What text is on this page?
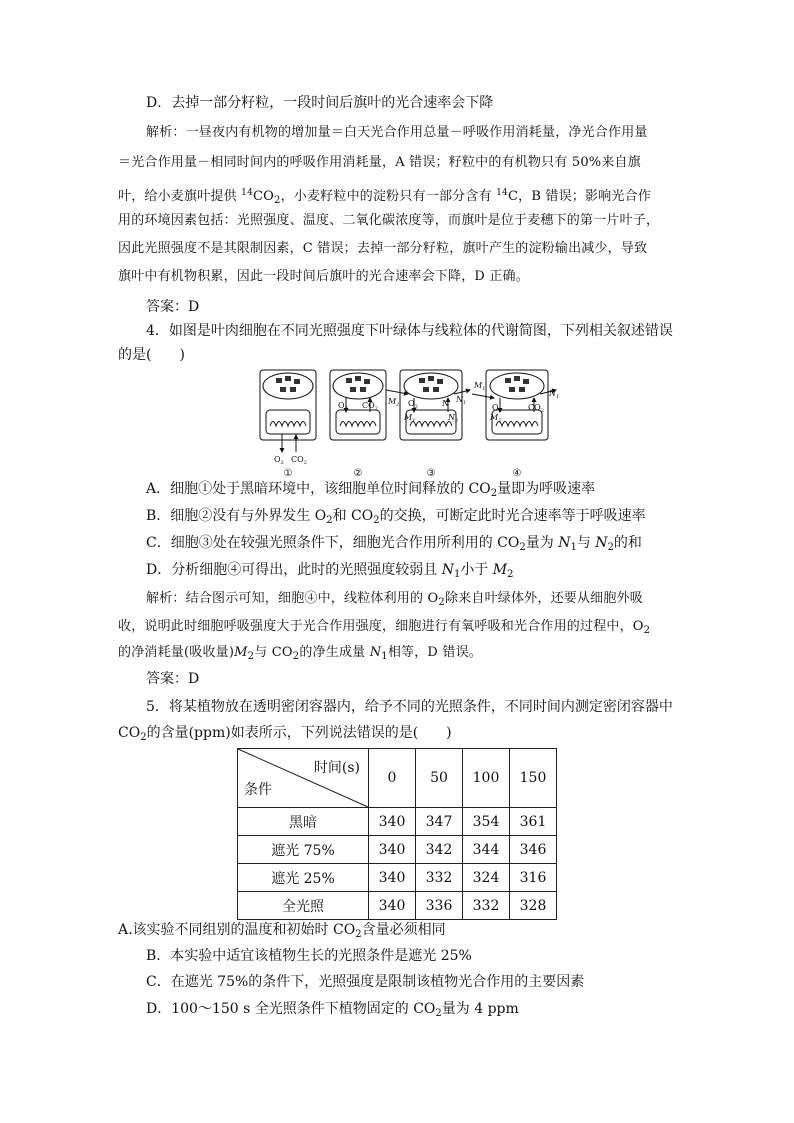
D．去掉一部分籽粒，一段时间后旗叶的光合速率会下降
解析：一昼夜内有机物的增加量＝白天光合作用总量－呼吸作用消耗量，净光合作用量
＝光合作用量－相同时间内的呼吸作用消耗量，A 错误；籽粒中的有机物只有 50%来自旗
叶，给小麦旗叶提供 $^{14}CO_2$，小麦籽粒中的淀粉只有一部分含有 $^{14}$C，B 错误；影响光合作
用的环境因素包括：光照强度、温度、二氧化碳浓度等，而旗叶是位于麦穗下的第一片叶子，
因此光照强度不是其限制因素，C 错误；去掉一部分籽粒，旗叶产生的淀粉输出减少，导致
旗叶中有机物积累，因此一段时间后旗叶的光合速率会下降，D 正确。
答案：D
4．如图是叶肉细胞在不同光照强度下叶绿体与线粒体的代谢简图，下列相关叙述错误
的是(　　)
$O_2$ $CO_2$
$O_2$ $CO_2$
$M_2$ $O_2$	N $N_1$
$M_1$	$N_2$
$M_1$
$O_2$	$CO_2$
$N_1$
$M_2$
①	②	③	④
A．细胞①处于黑暗环境中，该细胞单位时间释放的 $CO_2$量即为呼吸速率
B．细胞②没有与外界发生 $O_2$和 $CO_2$的交换，可断定此时光合速率等于呼吸速率
C．细胞③处在较强光照条件下，细胞光合作用所利用的 $CO_2$量为 $N_1$与 $N_2$的和
D．分析细胞④可得出，此时的光照强度较弱且 $N_1$小于 $M_2$
解析：结合图示可知，细胞④中，线粒体利用的 $O_2$除来自叶绿体外，还要从细胞外吸
收，说明此时细胞呼吸强度大于光合作用强度，细胞进行有氧呼吸和光合作用的过程中，$O_2$
的净消耗量(吸收量)$M_2$与 $CO_2$的净生成量 $N_1$相等，D 错误。
答案：D
5．将某植物放在透明密闭容器内，给予不同的光照条件，不同时间内测定密闭容器中
$CO_2$的含量(ppm)如表所示，下列说法错误的是(　　)
时间(s)
条件	0	50	100	150
黑暗	340	347	354	361
遮光 75%	340	342	344	346
遮光 25%	340	332	324	316
全光照	340	336	332	328
A.该实验不同组别的温度和初始时 $CO_2$含量必须相同
B．本实验中适宜该植物生长的光照条件是遮光 25%
C．在遮光 75%的条件下，光照强度是限制该植物光合作用的主要因素
D．100～150 s 全光照条件下植物固定的 $CO_2$量为 4 ppm
